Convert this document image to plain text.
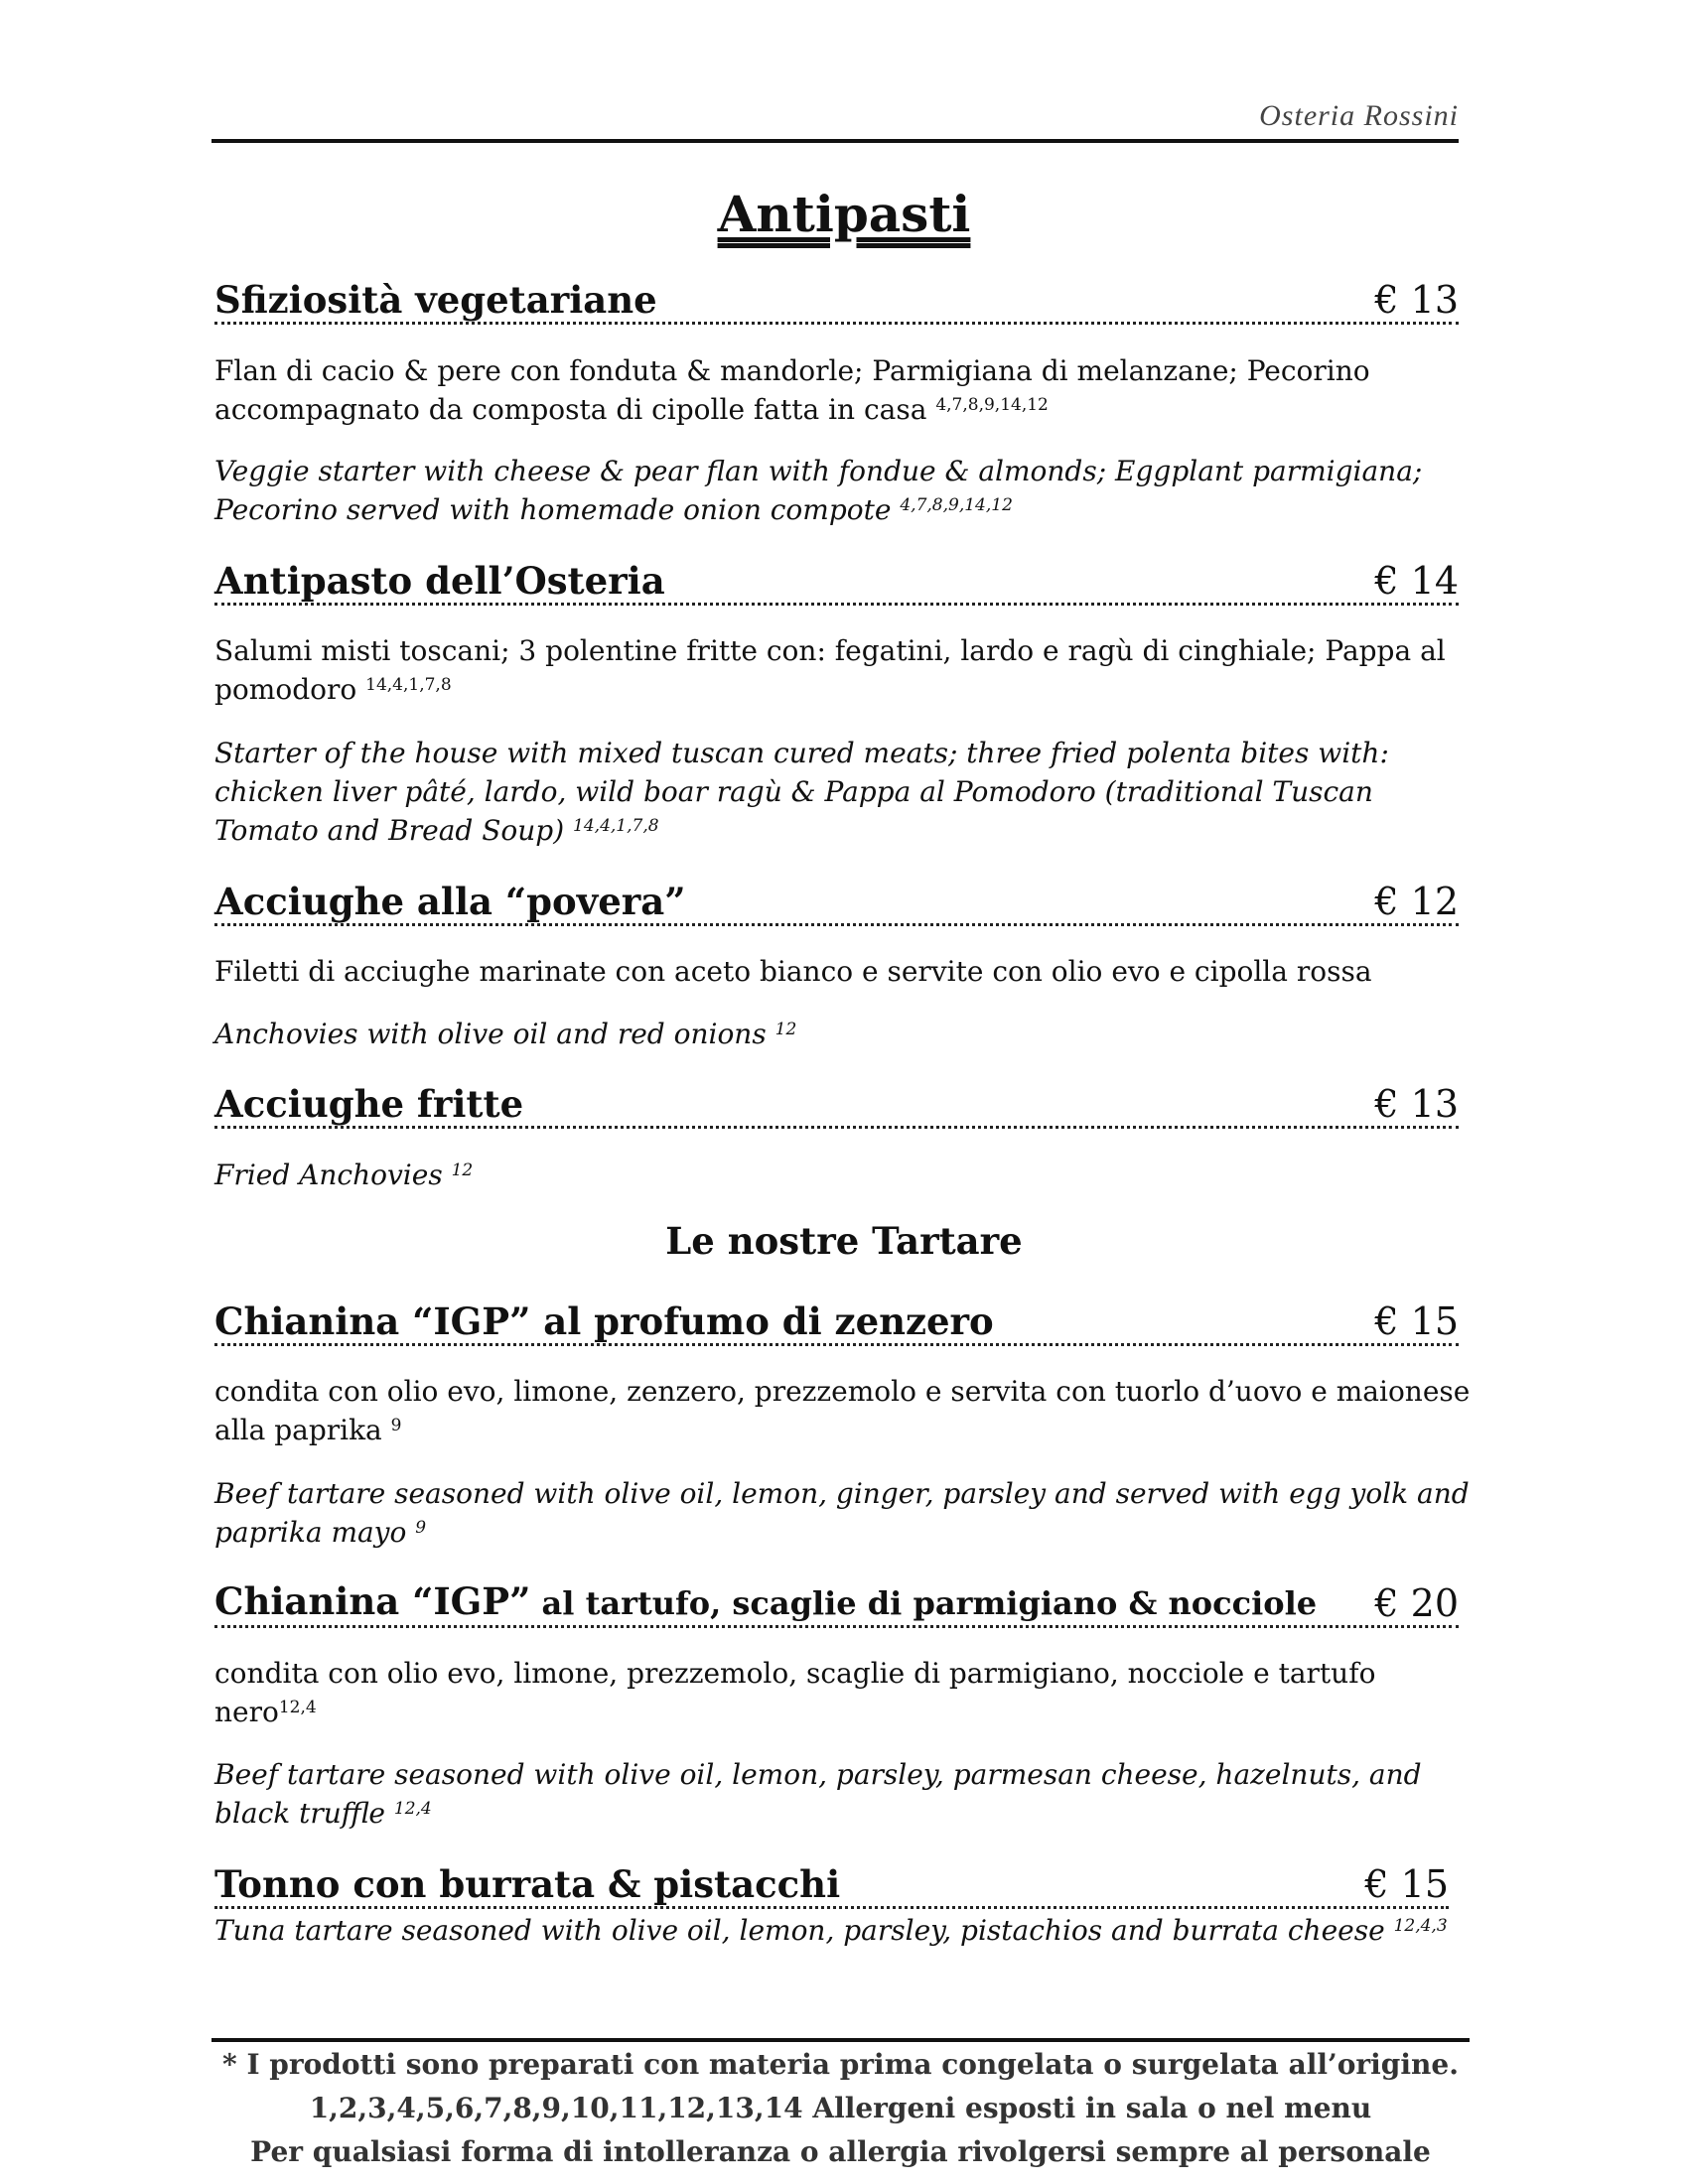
Osteria Rossini
Antipasti
Sfiziosità vegetariane	€ 13
Flan di cacio & pere con fonduta & mandorle; Parmigiana di melanzane; Pecorino accompagnato da composta di cipolle fatta in casa $^{4,7,8,9,14,12}$
Veggie starter with cheese & pear flan with fondue & almonds; Eggplant parmigiana; Pecorino served with homemade onion compote $^{4,7,8,9,14,12}$
Antipasto dell’Osteria	€ 14
Salumi misti toscani; 3 polentine fritte con: fegatini, lardo e ragù di cinghiale; Pappa al pomodoro $^{14,4,1,7,8}$
Starter of the house with mixed tuscan cured meats; three fried polenta bites with: chicken liver pâté, lardo, wild boar ragù & Pappa al Pomodoro (traditional Tuscan Tomato and Bread Soup) $^{14,4,1,7,8}$
Acciughe alla “povera”	€ 12
Filetti di acciughe marinate con aceto bianco e servite con olio evo e cipolla rossa
Anchovies with olive oil and red onions $^{12}$
Acciughe fritte	€ 13
Fried Anchovies $^{12}$
Le nostre Tartare
Chianina “IGP” al profumo di zenzero	€ 15
condita con olio evo, limone, zenzero, prezzemolo e servita con tuorlo d’uovo e maionese alla paprika $^9$
Beef tartare seasoned with olive oil, lemon, ginger, parsley and served with egg yolk and paprika mayo $^9$
Chianina “IGP” al tartufo, scaglie di parmigiano & nocciole € 20
condita con olio evo, limone, prezzemolo, scaglie di parmigiano, nocciole e tartufo nero$^{12,4}$
Beef tartare seasoned with olive oil, lemon, parsley, parmesan cheese, hazelnuts, and black truffle $^{12,4}$
Tonno con burrata & pistacchi	€ 15
Tuna tartare seasoned with olive oil, lemon, parsley, pistachios and burrata cheese $^{12,4,3}$
* I prodotti sono preparati con materia prima congelata o surgelata all’origine.
1,2,3,4,5,6,7,8,9,10,11,12,13,14 Allergeni esposti in sala o nel menu
Per qualsiasi forma di intolleranza o allergia rivolgersi sempre al personale
